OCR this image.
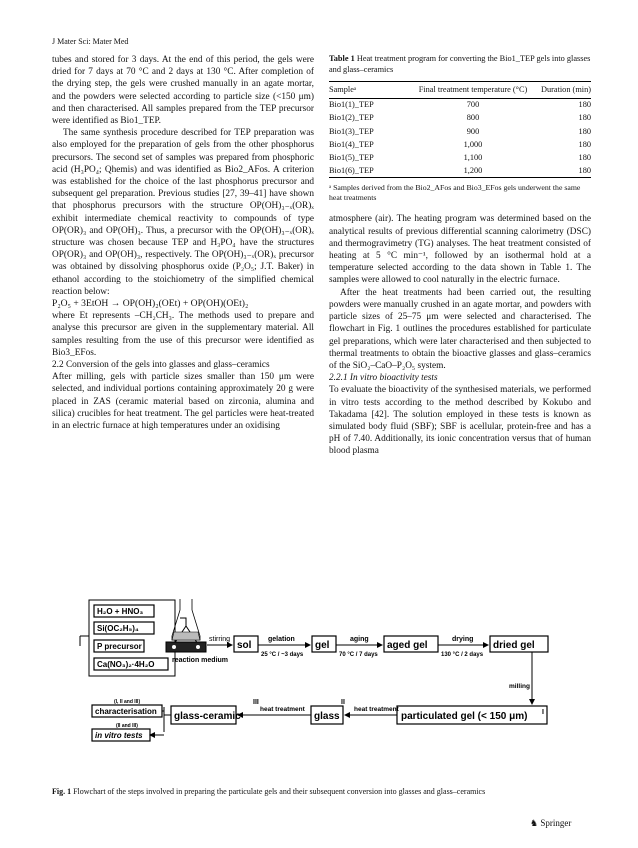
J Mater Sci: Mater Med

tubes and stored for 3 days. At the end of this period, the gels were dried for 7 days at 70 °C and 2 days at 130 °C. After completion of the drying step, the gels were crushed manually in an agate mortar, and the powders were selected according to particle size (<150 μm) and then characterised. All samples prepared from the TEP precursor were identified as Bio1_TEP.

The same synthesis procedure described for TEP preparation was also employed for the preparation of gels from the other phosphorus precursors. The second set of samples was prepared from phosphoric acid (H₃PO₄; Qhemis) and was identified as Bio2_AFos. A criterion was established for the choice of the last phosphorus precursor and subsequent gel preparation. Previous studies [27, 39–41] have shown that phosphorus precursors with the structure OP(OH)₃₋ₓ(OR)ₓ exhibit intermediate chemical reactivity to compounds of type OP(OR)₃ and OP(OH)₃. Thus, a precursor with the OP(OH)₃₋ₓ(OR)ₓ structure was chosen because TEP and H₃PO₄ have the structures OP(OR)₃ and OP(OH)₃, respectively. The OP(OH)₃₋ₓ(OR)ₓ precursor was obtained by dissolving phosphorus oxide (P₂O₅; J.T. Baker) in ethanol according to the stoichiometry of the simplified chemical reaction below:

P₂O₅ + 3EtOH → OP(OH)₂(OEt) + OP(OH)(OEt)₂

where Et represents –CH₂CH₃. The methods used to prepare and analyse this precursor are given in the supplementary material. All samples resulting from the use of this precursor were identified as Bio3_EFos.

2.2 Conversion of the gels into glasses and glass–ceramics

After milling, gels with particle sizes smaller than 150 μm were selected, and individual portions containing approximately 20 g were placed in ZAS (ceramic material based on zirconia, alumina and silica) crucibles for heat treatment. The gel particles were heat-treated in an electric furnace at high temperatures under an oxidising

Table 1 Heat treatment program for converting the Bio1_TEP gels into glasses and glass–ceramics
Sampleᵃ	Final treatment temperature (°C)	Duration (min)
Bio1(1)_TEP	700	180
Bio1(2)_TEP	800	180
Bio1(3)_TEP	900	180
Bio1(4)_TEP	1,000	180
Bio1(5)_TEP	1,100	180
Bio1(6)_TEP	1,200	180
ᵃ Samples derived from the Bio2_AFos and Bio3_EFos gels underwent the same heat treatments

atmosphere (air). The heating program was determined based on the analytical results of previous differential scanning calorimetry (DSC) and thermogravimetry (TG) analyses. The heat treatment consisted of heating at 5 °C min⁻¹, followed by an isothermal hold at a temperature selected according to the data shown in Table 1. The samples were allowed to cool naturally in the electric furnace.

After the heat treatments had been carried out, the resulting powders were manually crushed in an agate mortar, and powders with particle sizes of 25–75 μm were selected and characterised. The flowchart in Fig. 1 outlines the procedures established for particulate gel preparations, which were later characterised and then subjected to thermal treatments to obtain the bioactive glasses and glass–ceramics of the SiO₂–CaO–P₂O₅ system.

2.2.1 In vitro bioactivity tests

To evaluate the bioactivity of the synthesised materials, we performed in vitro tests according to the method described by Kokubo and Takadama [42]. The solution employed in these tests is known as simulated body fluid (SBF); SBF is acellular, protein-free and has a pH of 7.40. Additionally, its ionic concentration versus that of human blood plasma

H₂O + HNO₃
Si(OC₂H₅)₄
P precursor
Ca(NO₃)₂·4H₂O
stirring
reaction medium
sol
gelation
25 °C / ~3 days
gel
aging
70 °C / 7 days
aged gel
drying
130 °C / 2 days
dried gel
milling
particulated gel (< 150 μm) I
heat treatment
glass
II
heat treatment
glass-ceramic
III
(I, II and III)
characterisation
(II and III)
in vitro tests
Fig. 1 Flowchart of the steps involved in preparing the particulate gels and their subsequent conversion into glasses and glass–ceramics
♞ Springer
